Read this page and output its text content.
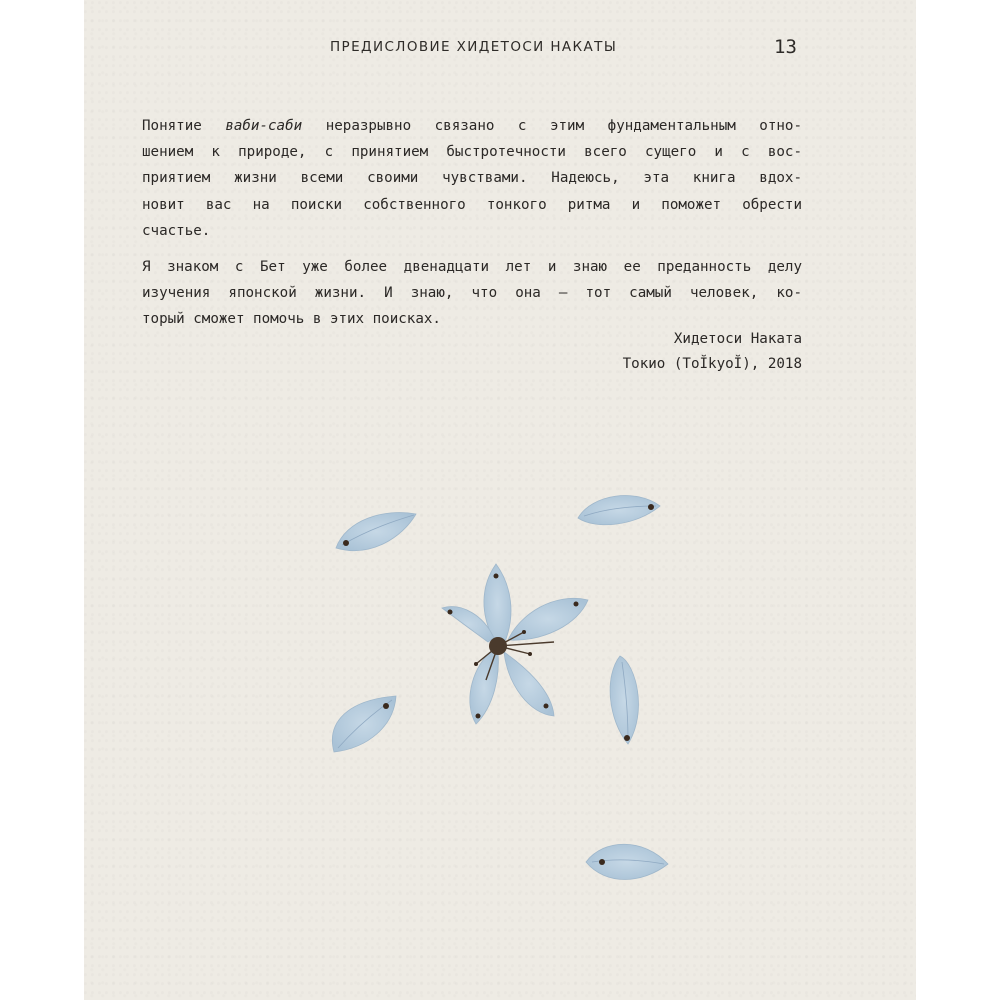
ПРЕДИСЛОВИЕ ХИДЕТОСИ НАКАТЫ	13
Понятие ваби-саби неразрывно связано с этим фундаментальным отно-
шением к природе, с принятием быстротечности всего сущего и с вос-
приятием жизни всеми своими чувствами. Надеюсь, эта книга вдох-
новит вас на поиски собственного тонкого ритма и поможет обрести
счастье.
Я знаком с Бет уже более двенадцати лет и знаю ее преданность делу
изучения японской жизни. И знаю, что она — тот самый человек, ко-
торый сможет помочь в этих поисках.
Хидетоси Наката
Токио (ToĬkyoĬ), 2018
